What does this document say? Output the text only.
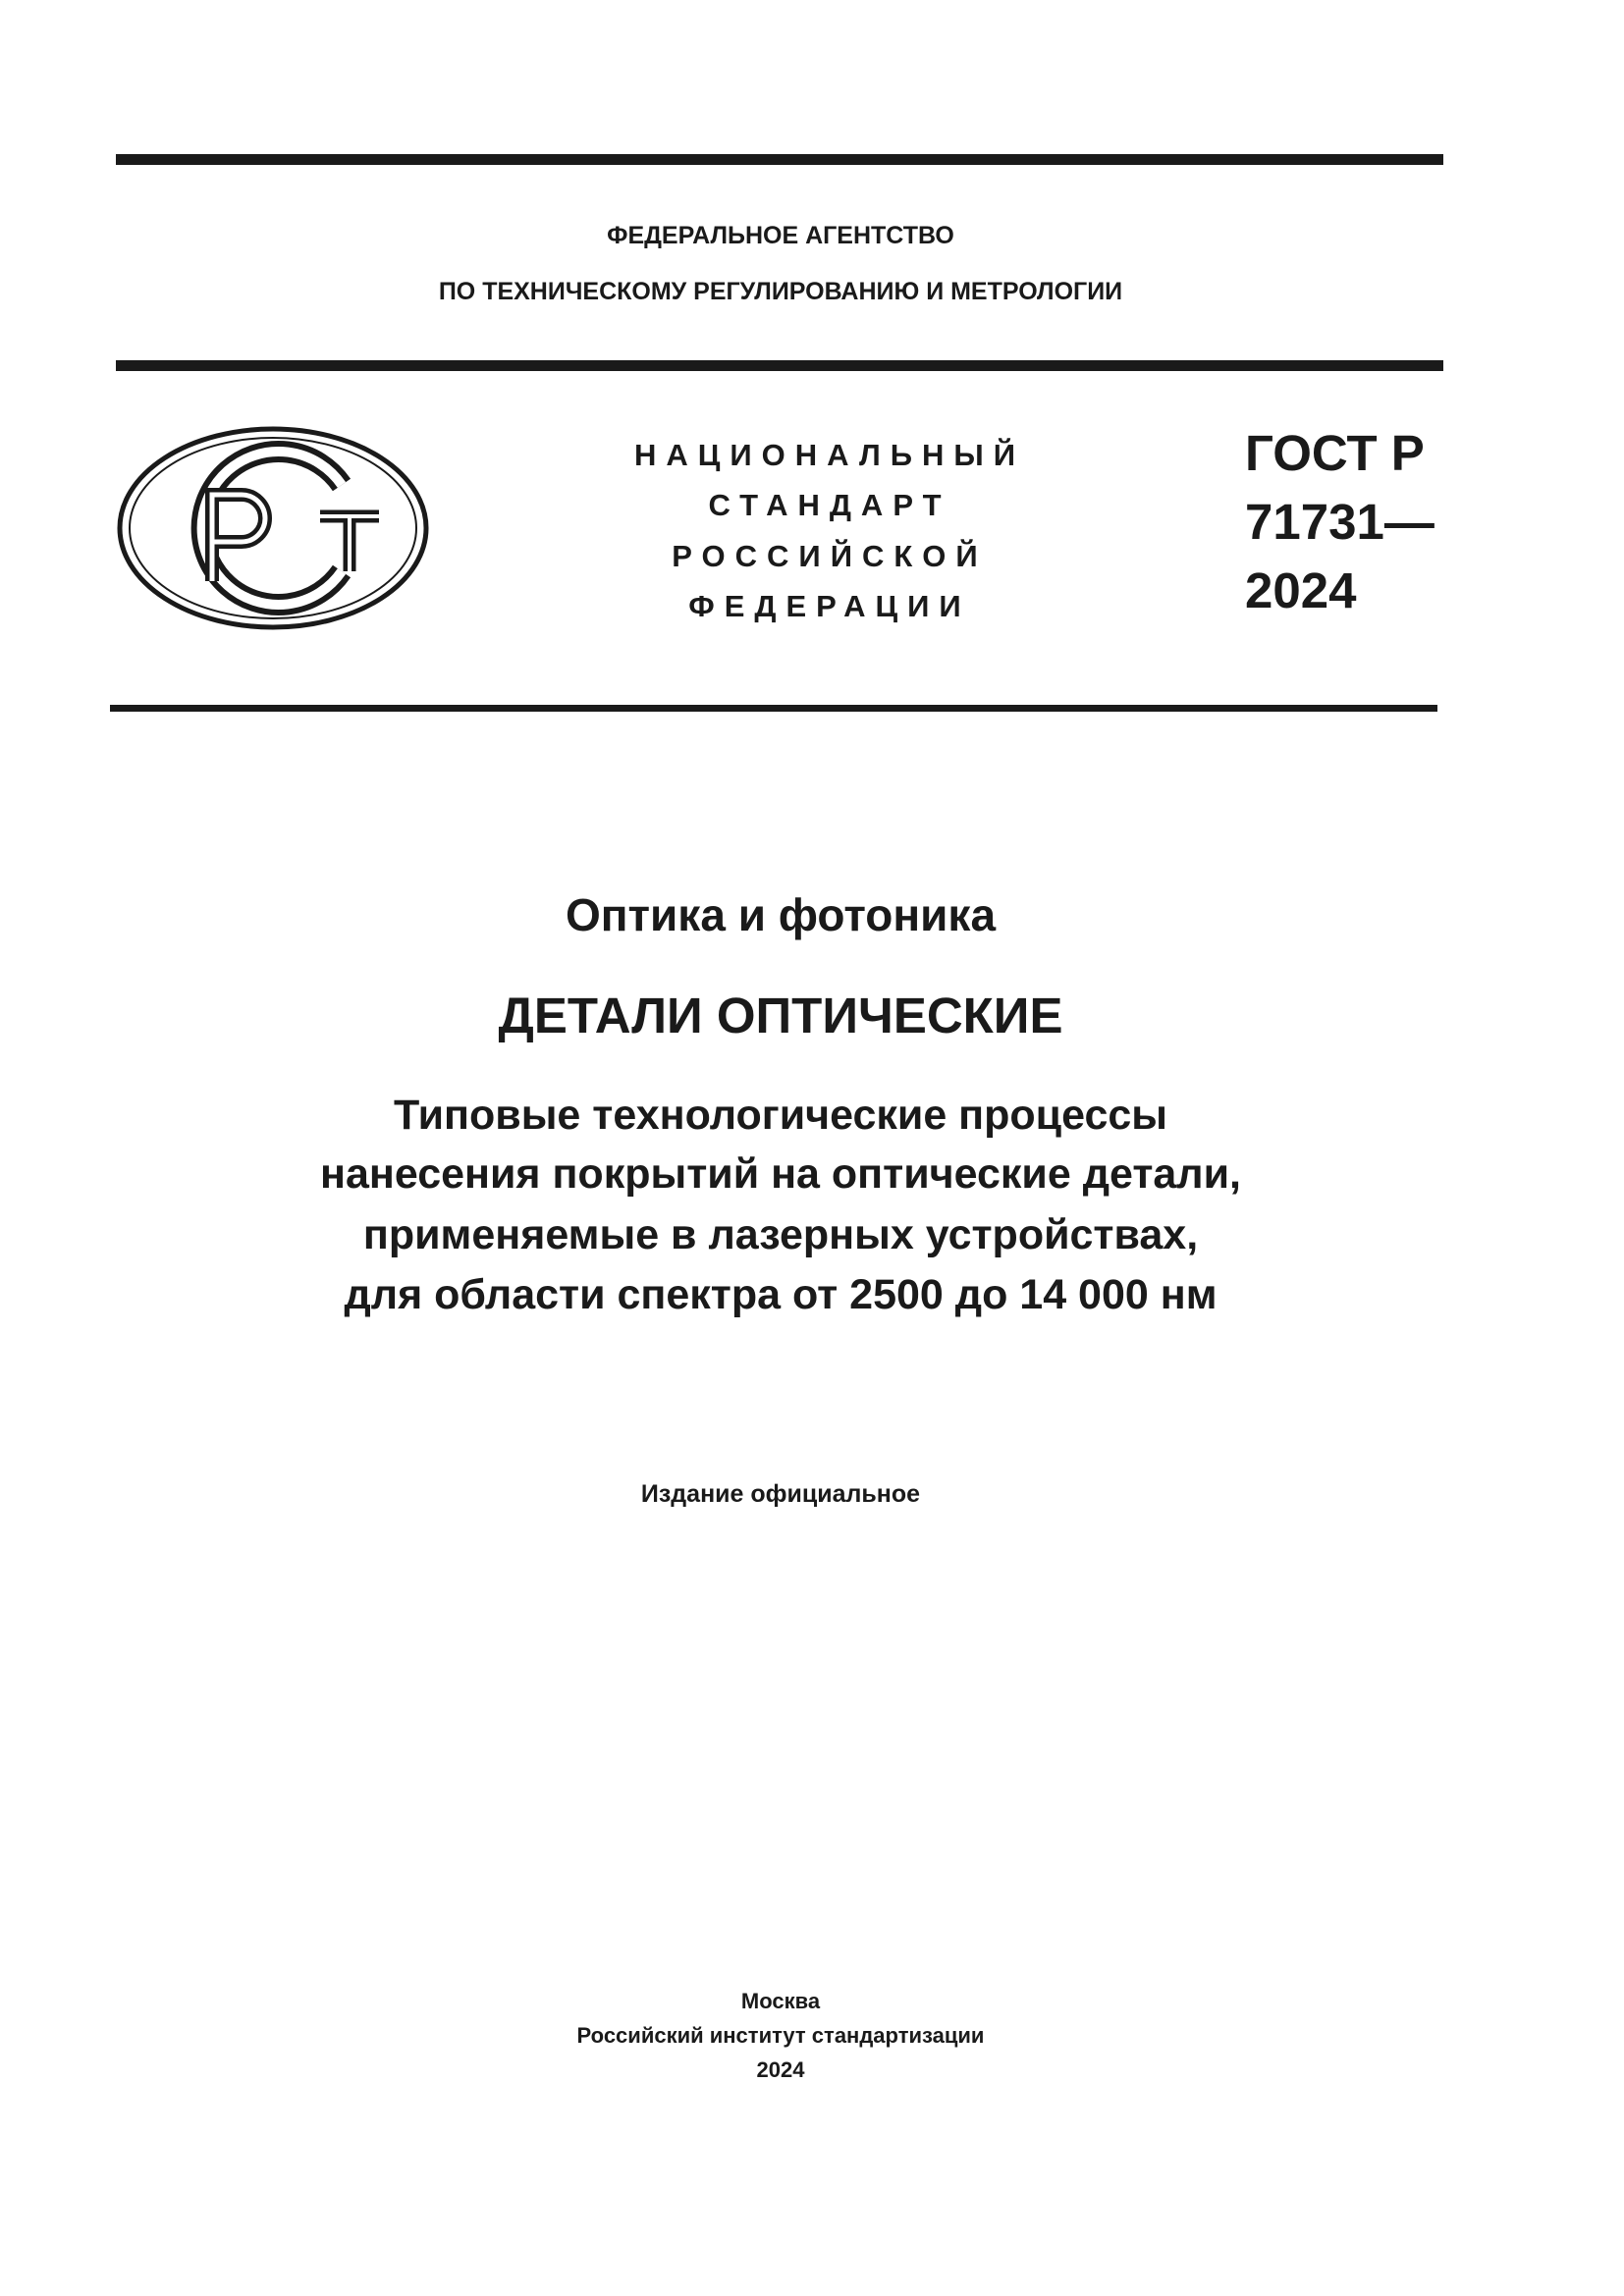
ФЕДЕРАЛЬНОЕ АГЕНТСТВО
ПО ТЕХНИЧЕСКОМУ РЕГУЛИРОВАНИЮ И МЕТРОЛОГИИ
НАЦИОНАЛЬНЫЙ
СТАНДАРТ
РОССИЙСКОЙ
ФЕДЕРАЦИИ
ГОСТ Р
71731—
2024
Оптика и фотоника
ДЕТАЛИ ОПТИЧЕСКИЕ
Типовые технологические процессы
нанесения покрытий на оптические детали,
применяемые в лазерных устройствах,
для области спектра от 2500 до 14 000 нм
Издание официальное
Москва
Российский институт стандартизации
2024
